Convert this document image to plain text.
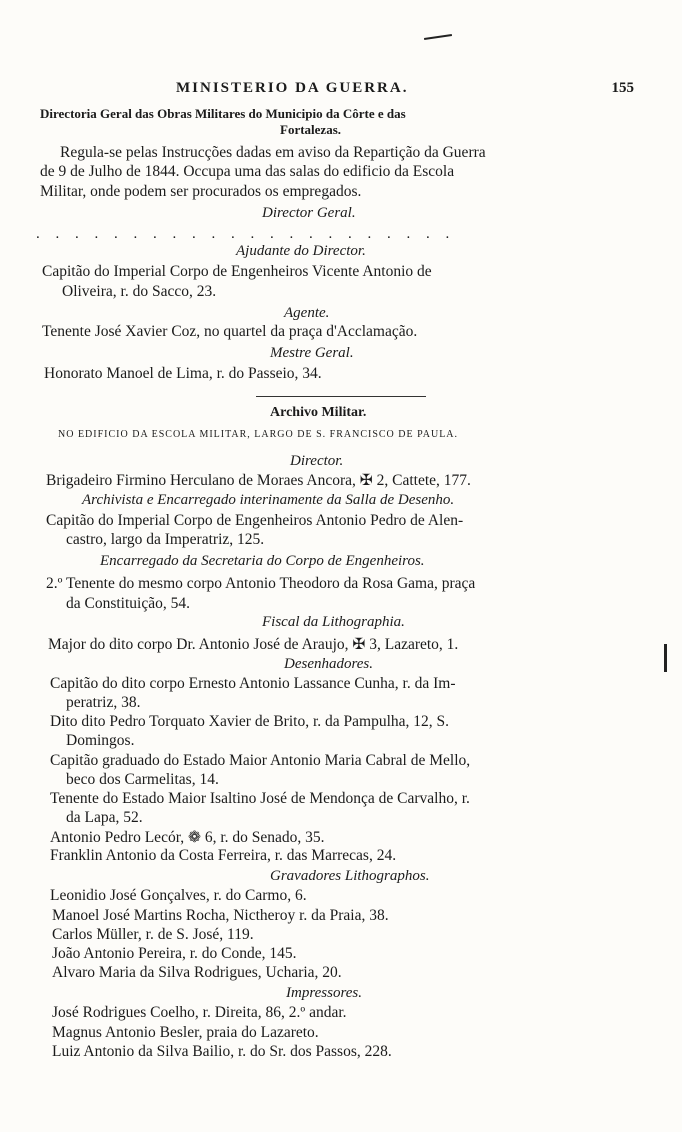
MINISTERIO DA GUERRA.	155
Directoria Geral das Obras Militares do Municipio da Côrte e das
Fortalezas.
Regula-se pelas Instrucções dadas em aviso da Repartição da Guerra
de 9 de Julho de 1844. Occupa uma das salas do edificio da Escola
Militar, onde podem ser procurados os empregados.
Director Geral.
. . . . . . . . . . . . . . . . . . . . . .
Ajudante do Director.
Capitão do Imperial Corpo de Engenheiros Vicente Antonio de
Oliveira, r. do Sacco, 23.
Agente.
Tenente José Xavier Coz, no quartel da praça d'Acclamação.
Mestre Geral.
Honorato Manoel de Lima, r. do Passeio, 34.
Archivo Militar.
NO EDIFICIO DA ESCOLA MILITAR, LARGO DE S. FRANCISCO DE PAULA.
Director.
Brigadeiro Firmino Herculano de Moraes Ancora, ✠ 2, Cattete, 177.
Archivista e Encarregado interinamente da Salla de Desenho.
Capitão do Imperial Corpo de Engenheiros Antonio Pedro de Alen-
castro, largo da Imperatriz, 125.
Encarregado da Secretaria do Corpo de Engenheiros.
2.º Tenente do mesmo corpo Antonio Theodoro da Rosa Gama, praça
da Constituição, 54.
Fiscal da Lithographia.
Major do dito corpo Dr. Antonio José de Araujo, ✠ 3, Lazareto, 1.
Desenhadores.
Capitão do dito corpo Ernesto Antonio Lassance Cunha, r. da Im-
peratriz, 38.
Dito dito Pedro Torquato Xavier de Brito, r. da Pampulha, 12, S.
Domingos.
Capitão graduado do Estado Maior Antonio Maria Cabral de Mello,
beco dos Carmelitas, 14.
Tenente do Estado Maior Isaltino José de Mendonça de Carvalho, r.
da Lapa, 52.
Antonio Pedro Lecór, ❁ 6, r. do Senado, 35.
Franklin Antonio da Costa Ferreira, r. das Marrecas, 24.
Gravadores Lithographos.
Leonidio José Gonçalves, r. do Carmo, 6.
Manoel José Martins Rocha, Nictheroy r. da Praia, 38.
Carlos Müller, r. de S. José, 119.
João Antonio Pereira, r. do Conde, 145.
Alvaro Maria da Silva Rodrigues, Ucharia, 20.
Impressores.
José Rodrigues Coelho, r. Direita, 86, 2.º andar.
Magnus Antonio Besler, praia do Lazareto.
Luiz Antonio da Silva Bailio, r. do Sr. dos Passos, 228.
